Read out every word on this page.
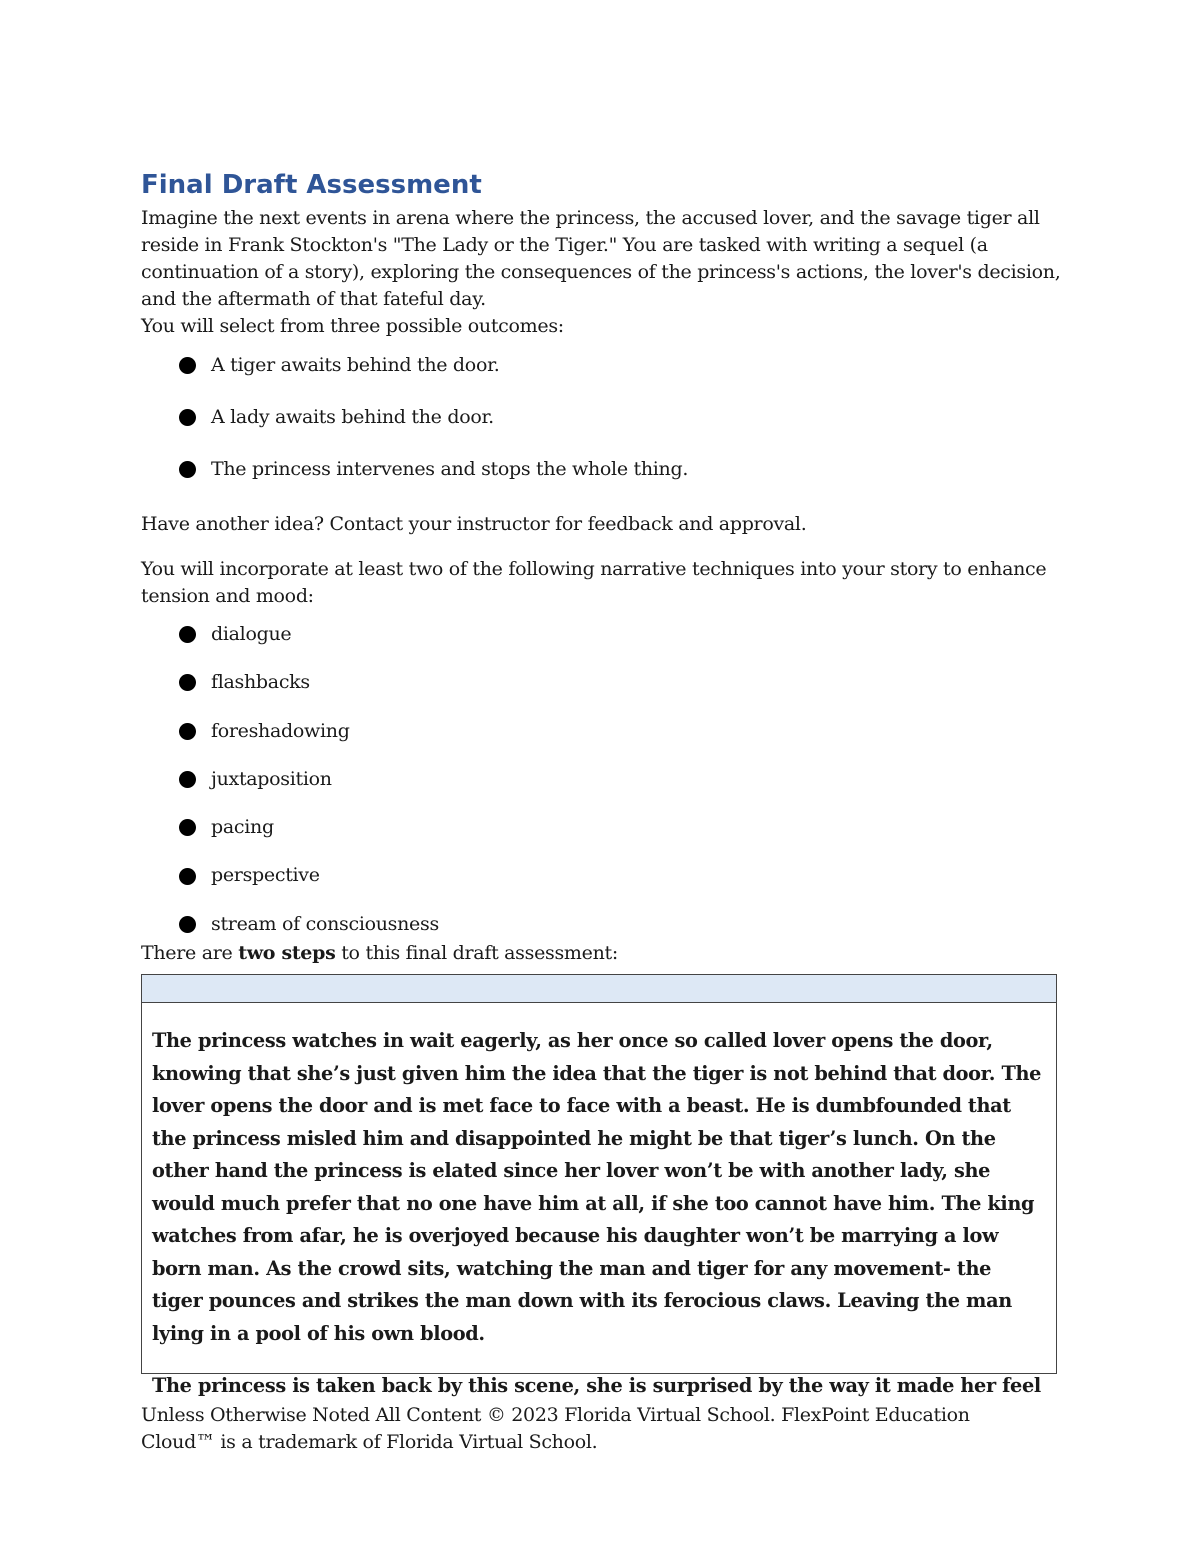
Final Draft Assessment

Imagine the next events in arena where the princess, the accused lover, and the savage tiger all reside in Frank Stockton's "The Lady or the Tiger." You are tasked with writing a sequel (a continuation of a story), exploring the consequences of the princess's actions, the lover's decision, and the aftermath of that fateful day.

You will select from three possible outcomes:

A tiger awaits behind the door.
A lady awaits behind the door.
The princess intervenes and stops the whole thing.

Have another idea? Contact your instructor for feedback and approval.

You will incorporate at least two of the following narrative techniques into your story to enhance tension and mood:

dialogue
flashbacks
foreshadowing
juxtaposition
pacing
perspective
stream of consciousness

There are two steps to this final draft assessment:

The princess watches in wait eagerly, as her once so called lover opens the door, knowing that she’s just given him the idea that the tiger is not behind that door. The lover opens the door and is met face to face with a beast. He is dumbfounded that the princess misled him and disappointed he might be that tiger’s lunch. On the other hand the princess is elated since her lover won’t be with another lady, she would much prefer that no one have him at all, if she too cannot have him. The king watches from afar, he is overjoyed because his daughter won’t be marrying a low born man. As the crowd sits, watching the man and tiger for any movement- the tiger pounces and strikes the man down with its ferocious claws. Leaving the man lying in a pool of his own blood.

The princess is taken back by this scene, she is surprised by the way it made her feel

Unless Otherwise Noted All Content © 2023 Florida Virtual School. FlexPoint Education Cloud™ is a trademark of Florida Virtual School.
